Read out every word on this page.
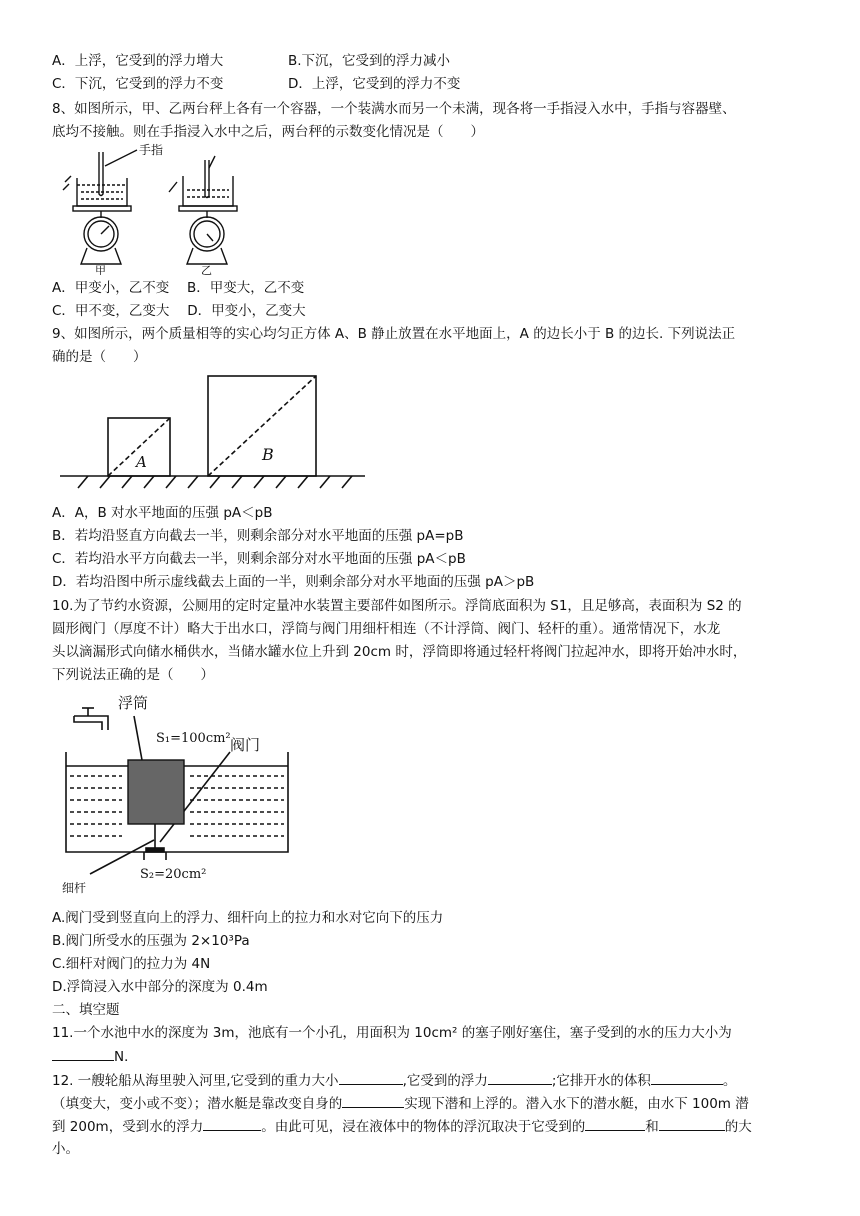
A．上浮，它受到的浮力增大	B.下沉，它受到的浮力减小
C．下沉，它受到的浮力不变	D．上浮，它受到的浮力不变
8、如图所示，甲、乙两台秤上各有一个容器，一个装满水而另一个未满，现各将一手指浸入水中，手指与容器壁、
底均不接触。则在手指浸入水中之后，两台秤的示数变化情况是（　　）
手指
甲	乙
A．甲变小，乙不变　 B．甲变大，乙不变
C．甲不变，乙变大　 D．甲变小，乙变大
9、如图所示，两个质量相等的实心均匀正方体 A、B 静止放置在水平地面上，A 的边长小于 B 的边长. 下列说法正
确的是（　　）
A	B
A．A，B 对水平地面的压强 pA＜pB
B．若均沿竖直方向截去一半，则剩余部分对水平地面的压强 pA=pB
C．若均沿水平方向截去一半，则剩余部分对水平地面的压强 pA＜pB
D．若均沿图中所示虚线截去上面的一半，则剩余部分对水平地面的压强 pA＞pB
10.为了节约水资源，公厕用的定时定量冲水装置主要部件如图所示。浮筒底面积为 S1，且足够高，表面积为 S2 的
圆形阀门（厚度不计）略大于出水口，浮筒与阀门用细杆相连（不计浮筒、阀门、轻杆的重）。通常情况下，水龙
头以滴漏形式向储水桶供水，当储水罐水位上升到 20cm 时，浮筒即将通过轻杆将阀门拉起冲水，即将开始冲水时，
下列说法正确的是（　　）
浮筒
S₁=100cm² 阀门
S₂=20cm²
细杆
A.阀门受到竖直向上的浮力、细杆向上的拉力和水对它向下的压力
B.阀门所受水的压强为 2×10³Pa
C.细杆对阀门的拉力为 4N
D.浮筒浸入水中部分的深度为 0.4m
二、填空题
11.一个水池中水的深度为 3m，池底有一个小孔，用面积为 10cm² 的塞子刚好塞住，塞子受到的水的压力大小为
N．
12. 一艘轮船从海里驶入河里,它受到的重力大小	,它受到的浮力	;它排开水的体积	。
（填变大，变小或不变）；潜水艇是靠改变自身的	实现下潜和上浮的。潜入水下的潜水艇，由水下 100m 潜
到 200m，受到水的浮力	。由此可见，浸在液体中的物体的浮沉取决于它受到的	和	的大
小。
